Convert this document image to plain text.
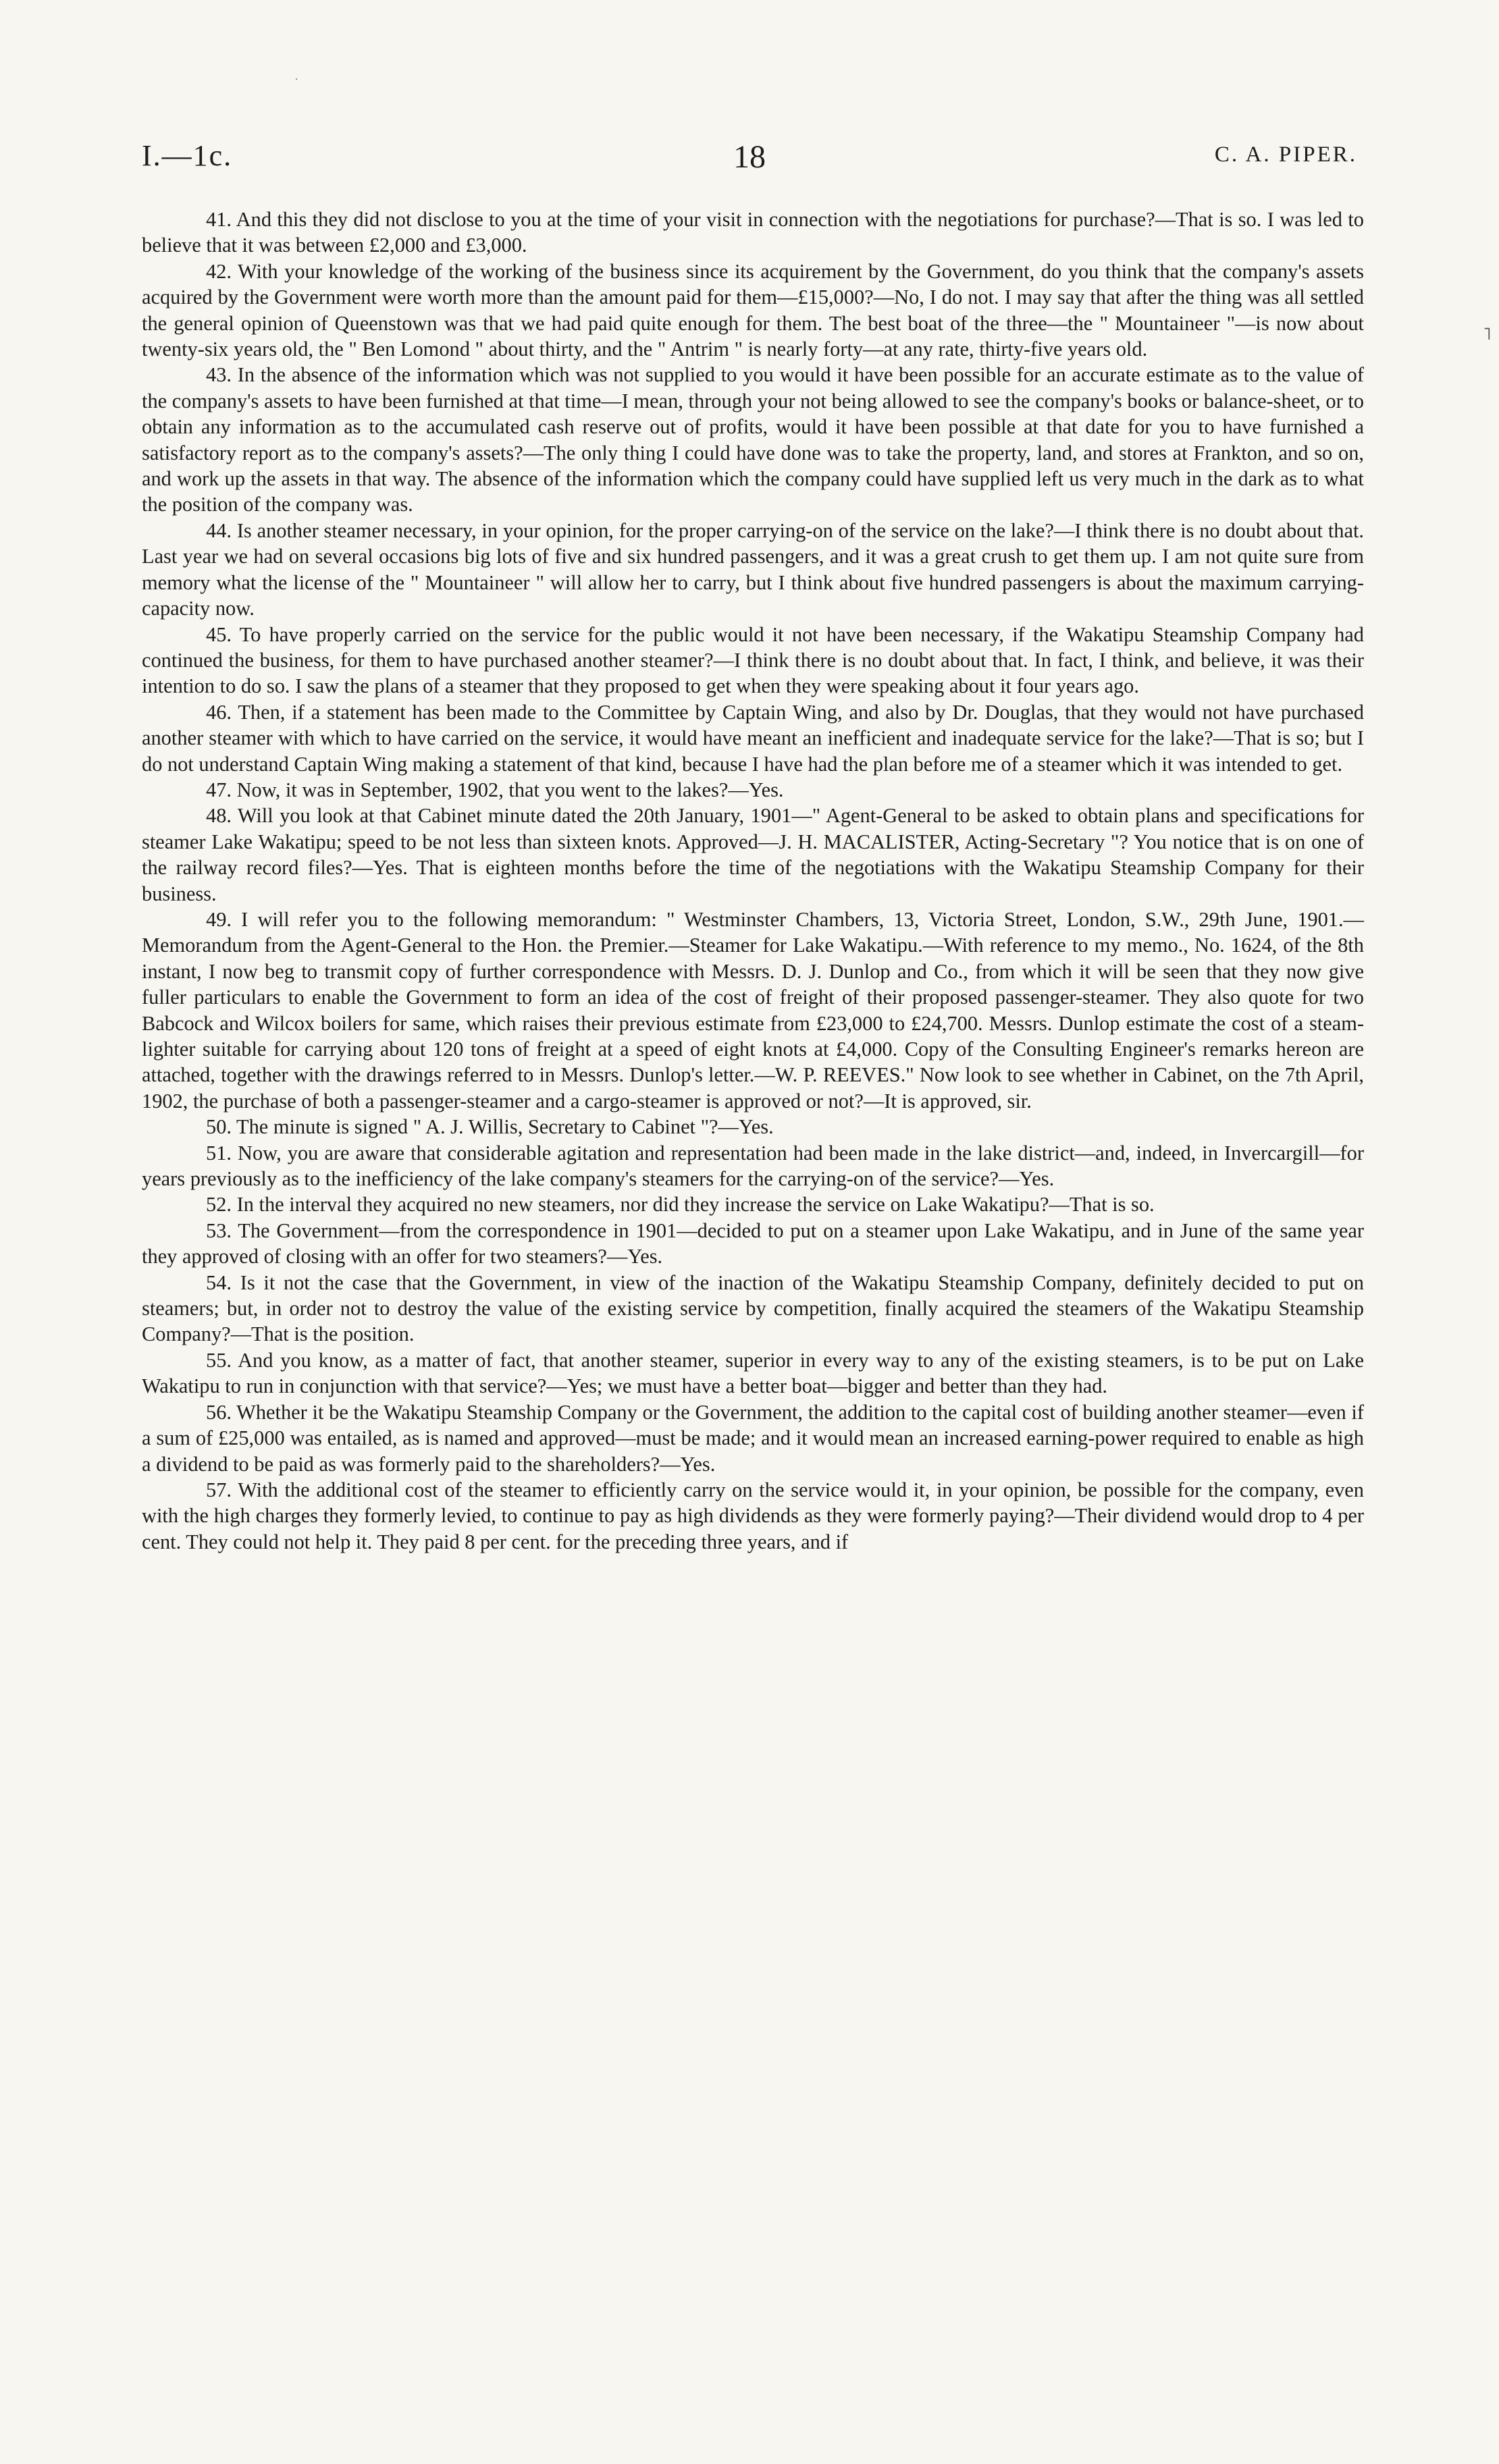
I.—1c.	18	C. A. PIPER.
·
˥

41. And this they did not disclose to you at the time of your visit in connection with the negotiations for purchase?—That is so. I was led to believe that it was between £2,000 and £3,000.

42. With your knowledge of the working of the business since its acquirement by the Government, do you think that the company's assets acquired by the Government were worth more than the amount paid for them—£15,000?—No, I do not. I may say that after the thing was all settled the general opinion of Queenstown was that we had paid quite enough for them. The best boat of the three—the " Mountaineer "—is now about twenty-six years old, the " Ben Lomond " about thirty, and the " Antrim " is nearly forty—at any rate, thirty-five years old.

43. In the absence of the information which was not supplied to you would it have been possible for an accurate estimate as to the value of the company's assets to have been furnished at that time—I mean, through your not being allowed to see the company's books or balance-sheet, or to obtain any information as to the accumulated cash reserve out of profits, would it have been possible at that date for you to have furnished a satisfactory report as to the company's assets?—The only thing I could have done was to take the property, land, and stores at Frankton, and so on, and work up the assets in that way. The absence of the information which the company could have supplied left us very much in the dark as to what the position of the company was.

44. Is another steamer necessary, in your opinion, for the proper carrying-on of the service on the lake?—I think there is no doubt about that. Last year we had on several occasions big lots of five and six hundred passengers, and it was a great crush to get them up. I am not quite sure from memory what the license of the " Mountaineer " will allow her to carry, but I think about five hundred passengers is about the maximum carrying-capacity now.

45. To have properly carried on the service for the public would it not have been necessary, if the Wakatipu Steamship Company had continued the business, for them to have purchased another steamer?—I think there is no doubt about that. In fact, I think, and believe, it was their intention to do so. I saw the plans of a steamer that they proposed to get when they were speaking about it four years ago.

46. Then, if a statement has been made to the Committee by Captain Wing, and also by Dr. Douglas, that they would not have purchased another steamer with which to have carried on the service, it would have meant an inefficient and inadequate service for the lake?—That is so; but I do not understand Captain Wing making a statement of that kind, because I have had the plan before me of a steamer which it was intended to get.

47. Now, it was in September, 1902, that you went to the lakes?—Yes.

48. Will you look at that Cabinet minute dated the 20th January, 1901—" Agent-General to be asked to obtain plans and specifications for steamer Lake Wakatipu; speed to be not less than sixteen knots. Approved—J. H. MACALISTER, Acting-Secretary "? You notice that is on one of the railway record files?—Yes. That is eighteen months before the time of the negotiations with the Wakatipu Steamship Company for their business.

49. I will refer you to the following memorandum: " Westminster Chambers, 13, Victoria Street, London, S.W., 29th June, 1901.—Memorandum from the Agent-General to the Hon. the Premier.—Steamer for Lake Wakatipu.—With reference to my memo., No. 1624, of the 8th instant, I now beg to transmit copy of further correspondence with Messrs. D. J. Dunlop and Co., from which it will be seen that they now give fuller particulars to enable the Government to form an idea of the cost of freight of their proposed passenger-steamer. They also quote for two Babcock and Wilcox boilers for same, which raises their previous estimate from £23,000 to £24,700. Messrs. Dunlop estimate the cost of a steam-lighter suitable for carrying about 120 tons of freight at a speed of eight knots at £4,000. Copy of the Consulting Engineer's remarks hereon are attached, together with the drawings referred to in Messrs. Dunlop's letter.—W. P. REEVES." Now look to see whether in Cabinet, on the 7th April, 1902, the purchase of both a passenger-steamer and a cargo-steamer is approved or not?—It is approved, sir.

50. The minute is signed " A. J. Willis, Secretary to Cabinet "?—Yes.

51. Now, you are aware that considerable agitation and representation had been made in the lake district—and, indeed, in Invercargill—for years previously as to the inefficiency of the lake company's steamers for the carrying-on of the service?—Yes.

52. In the interval they acquired no new steamers, nor did they increase the service on Lake Wakatipu?—That is so.

53. The Government—from the correspondence in 1901—decided to put on a steamer upon Lake Wakatipu, and in June of the same year they approved of closing with an offer for two steamers?—Yes.

54. Is it not the case that the Government, in view of the inaction of the Wakatipu Steamship Company, definitely decided to put on steamers; but, in order not to destroy the value of the existing service by competition, finally acquired the steamers of the Wakatipu Steamship Company?—That is the position.

55. And you know, as a matter of fact, that another steamer, superior in every way to any of the existing steamers, is to be put on Lake Wakatipu to run in conjunction with that service?—Yes; we must have a better boat—bigger and better than they had.

56. Whether it be the Wakatipu Steamship Company or the Government, the addition to the capital cost of building another steamer—even if a sum of £25,000 was entailed, as is named and approved—must be made; and it would mean an increased earning-power required to enable as high a dividend to be paid as was formerly paid to the shareholders?—Yes.

57. With the additional cost of the steamer to efficiently carry on the service would it, in your opinion, be possible for the company, even with the high charges they formerly levied, to continue to pay as high dividends as they were formerly paying?—Their dividend would drop to 4 per cent. They could not help it. They paid 8 per cent. for the preceding three years, and if
